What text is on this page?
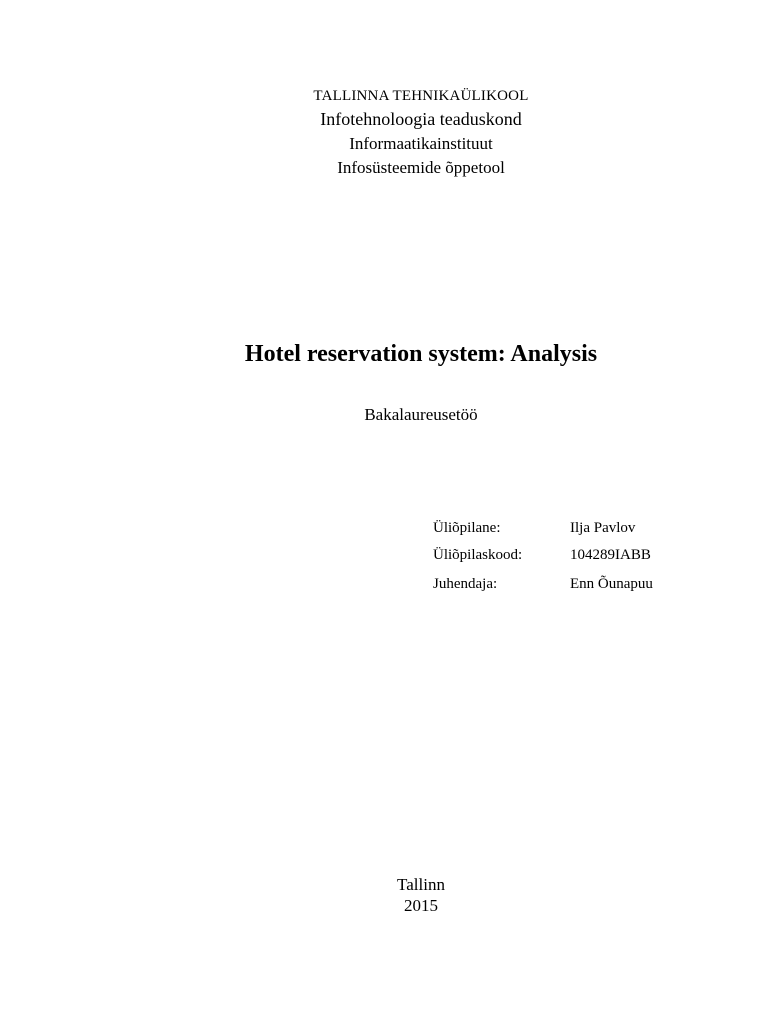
TALLINNA TEHNIKAÜLIKOOL
Infotehnoloogia teaduskond
Informaatikainstituut
Infosüsteemide õppetool
Hotel reservation system: Analysis
Bakalaureusetöö
Üliõpilane:	Ilja Pavlov
Üliõpilaskood:	104289IABB
Juhendaja:	Enn Õunapuu
Tallinn
2015
